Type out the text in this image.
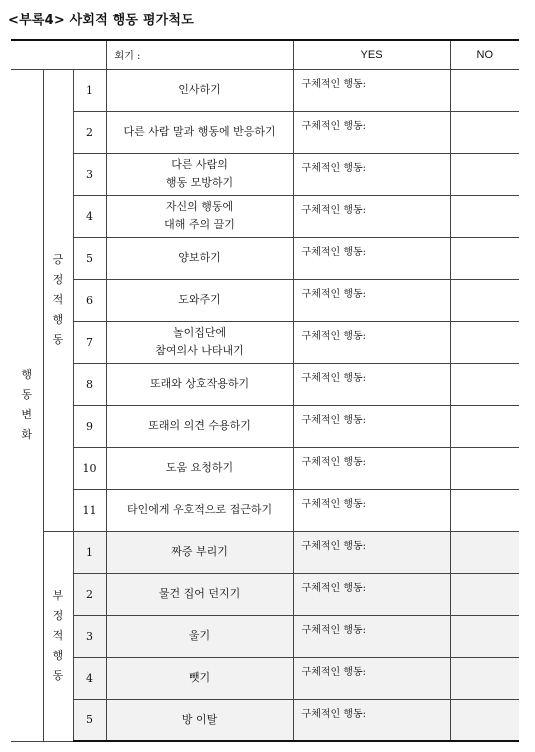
<부록4> 사회적 행동 평가척도
			회기 :	YES	NO

행
동
변
화	긍
정
적
행
동	1	인사하기	구체적인 행동:	
		2	다른 사람 말과 행동에 반응하기	구체적인 행동:	
		3	다른 사람의
행동 모방하기	구체적인 행동:	
		4	자신의 행동에
대해 주의 끌기	구체적인 행동:	
		5	양보하기	구체적인 행동:	
		6	도와주기	구체적인 행동:	
		7	놀이집단에
참여의사 나타내기	구체적인 행동:	
		8	또래와 상호작용하기	구체적인 행동:	
		9	또래의 의견 수용하기	구체적인 행동:	
		10	도움 요청하기	구체적인 행동:	
		11	타인에게 우호적으로 접근하기	구체적인 행동:	

	부
정
적
행
동	1	짜증 부리기	구체적인 행동:	
		2	물건 집어 던지기	구체적인 행동:	
		3	울기	구체적인 행동:	
		4	뺏기	구체적인 행동:	
		5	방 이탈	구체적인 행동:	
